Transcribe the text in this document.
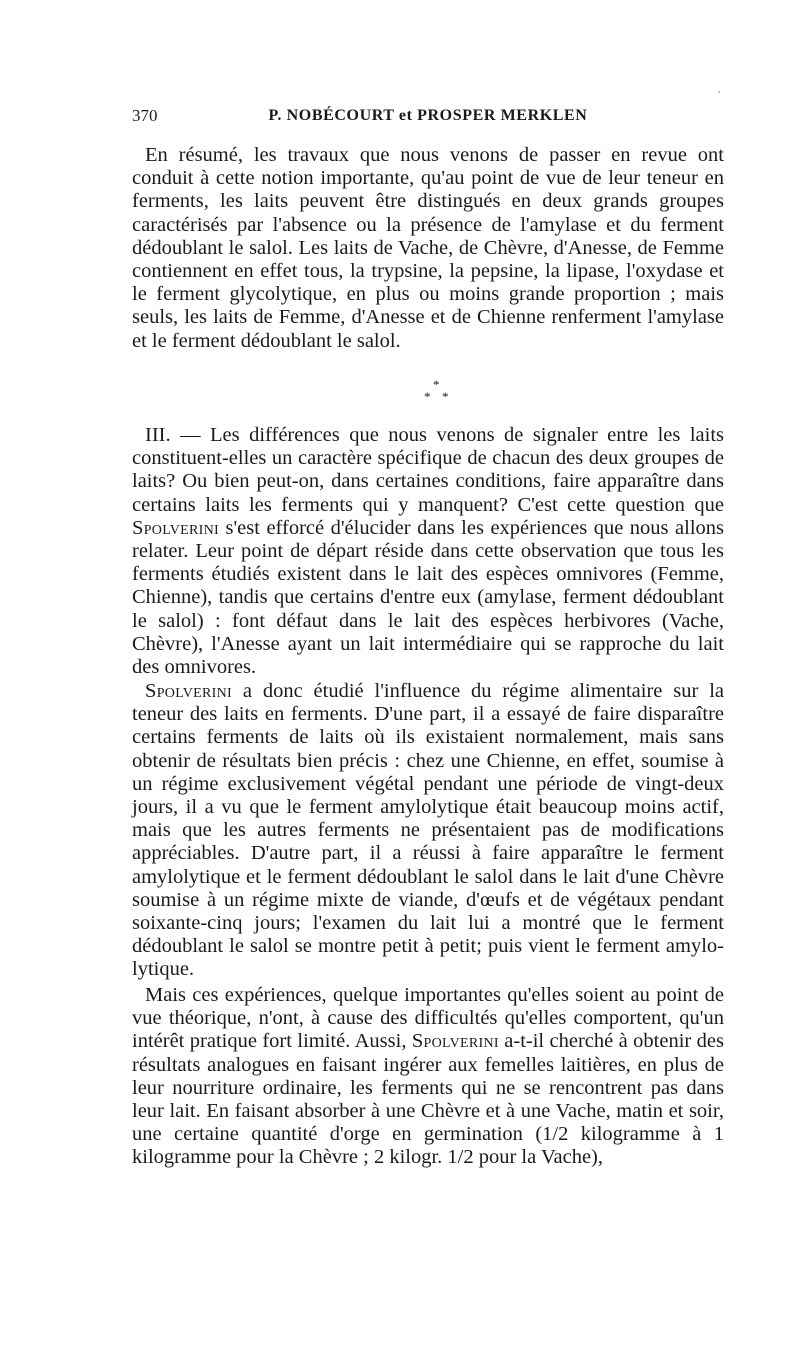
370	P. NOBÉCOURT et PROSPER MERKLEN

En résumé, les travaux que nous venons de passer en revue ont conduit à cette notion importante, qu'au point de vue de leur teneur en ferments, les laits peuvent être distingués en deux grands groupes caractérisés par l'absence ou la présence de l'amylase et du ferment dédoublant le salol. Les laits de Vache, de Chèvre, d'Anesse, de Femme contiennent en effet tous, la trypsine, la pepsine, la lipase, l'oxydase et le ferment glycolytique, en plus ou moins grande proportion ; mais seuls, les laits de Femme, d'Anesse et de Chienne renferment l'amylase et le ferment dédoublant le salol.

*
* *

III. — Les différences que nous venons de signaler entre les laits constituent-elles un caractère spécifique de chacun des deux groupes de laits? Ou bien peut-on, dans certaines conditions, faire apparaître dans certains laits les ferments qui y manquent? C'est cette question que Spolverini s'est efforcé d'élucider dans les expériences que nous allons relater. Leur point de départ réside dans cette observation que tous les ferments étudiés existent dans le lait des espèces omnivores (Femme, Chienne), tandis que certains d'entre eux (amylase, ferment dédoublant le salol) : font défaut dans le lait des espèces herbivores (Vache, Chèvre), l'Anesse ayant un lait intermédiaire qui se rapproche du lait des omnivores.

Spolverini a donc étudié l'influence du régime alimentaire sur la teneur des laits en ferments. D'une part, il a essayé de faire disparaître certains ferments de laits où ils existaient normalement, mais sans obtenir de résultats bien précis : chez une Chienne, en effet, soumise à un régime exclusivement végétal pendant une période de vingt-deux jours, il a vu que le ferment amylolytique était beaucoup moins actif, mais que les autres ferments ne présentaient pas de modifications appréciables. D'autre part, il a réussi à faire apparaître le ferment amylolytique et le ferment dédoublant le salol dans le lait d'une Chèvre soumise à un régime mixte de viande, d'œufs et de végétaux pendant soixante-cinq jours; l'examen du lait lui a montré que le ferment dédoublant le salol se montre petit à petit; puis vient le ferment amylolytique.

Mais ces expériences, quelque importantes qu'elles soient au point de vue théorique, n'ont, à cause des difficultés qu'elles comportent, qu'un intérêt pratique fort limité. Aussi, Spolverini a-t-il cherché à obtenir des résultats analogues en faisant ingérer aux femelles laitières, en plus de leur nourriture ordinaire, les ferments qui ne se rencontrent pas dans leur lait. En faisant absorber à une Chèvre et à une Vache, matin et soir, une certaine quantité d'orge en germination (1/2 kilogramme à 1 kilogramme pour la Chèvre ; 2 kilogr. 1/2 pour la Vache),
